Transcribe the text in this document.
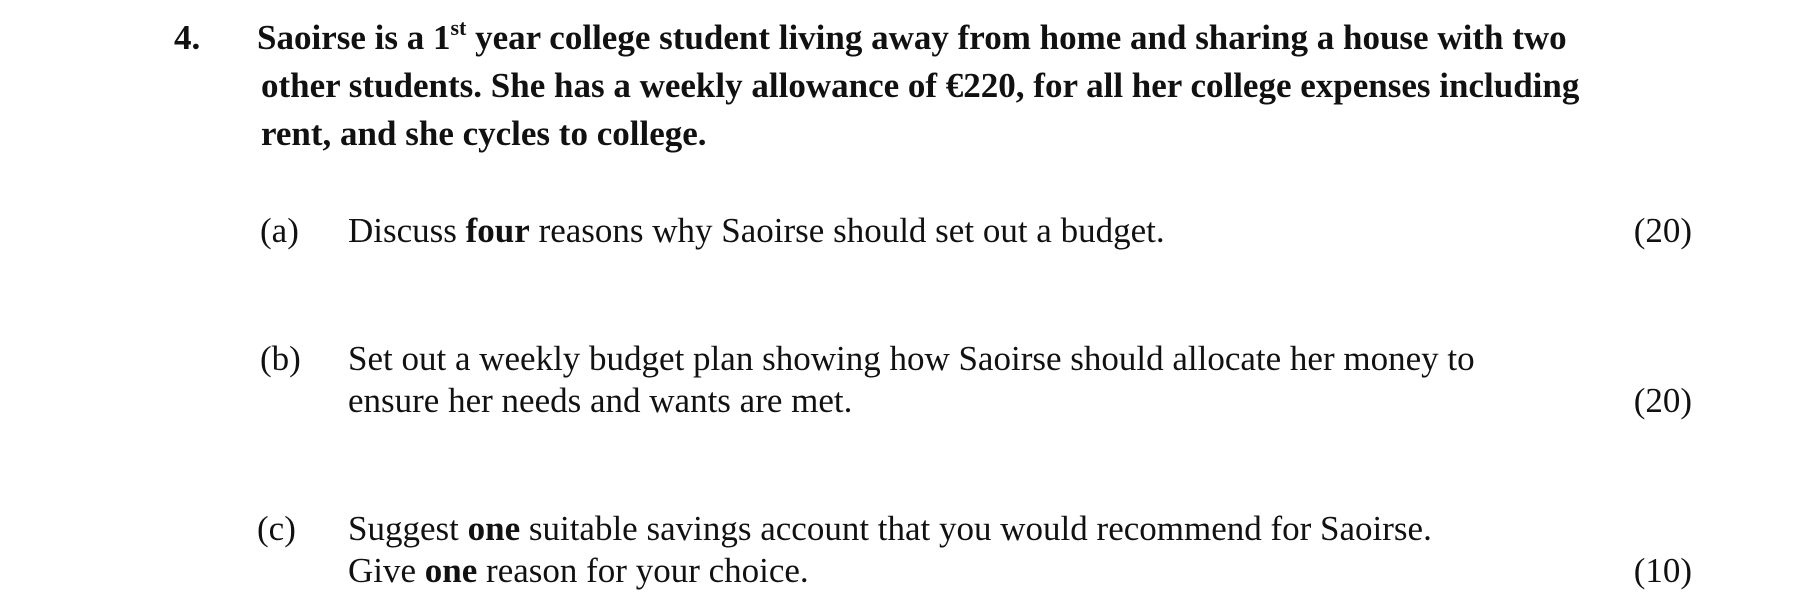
4. Saoirse is a 1st year college student living away from home and sharing a house with two
other students. She has a weekly allowance of €220, for all her college expenses including
rent, and she cycles to college.
(a) Discuss four reasons why Saoirse should set out a budget.	(20)
(b) Set out a weekly budget plan showing how Saoirse should allocate her money to
ensure her needs and wants are met.	(20)
(c) Suggest one suitable savings account that you would recommend for Saoirse.
Give one reason for your choice.	(10)
